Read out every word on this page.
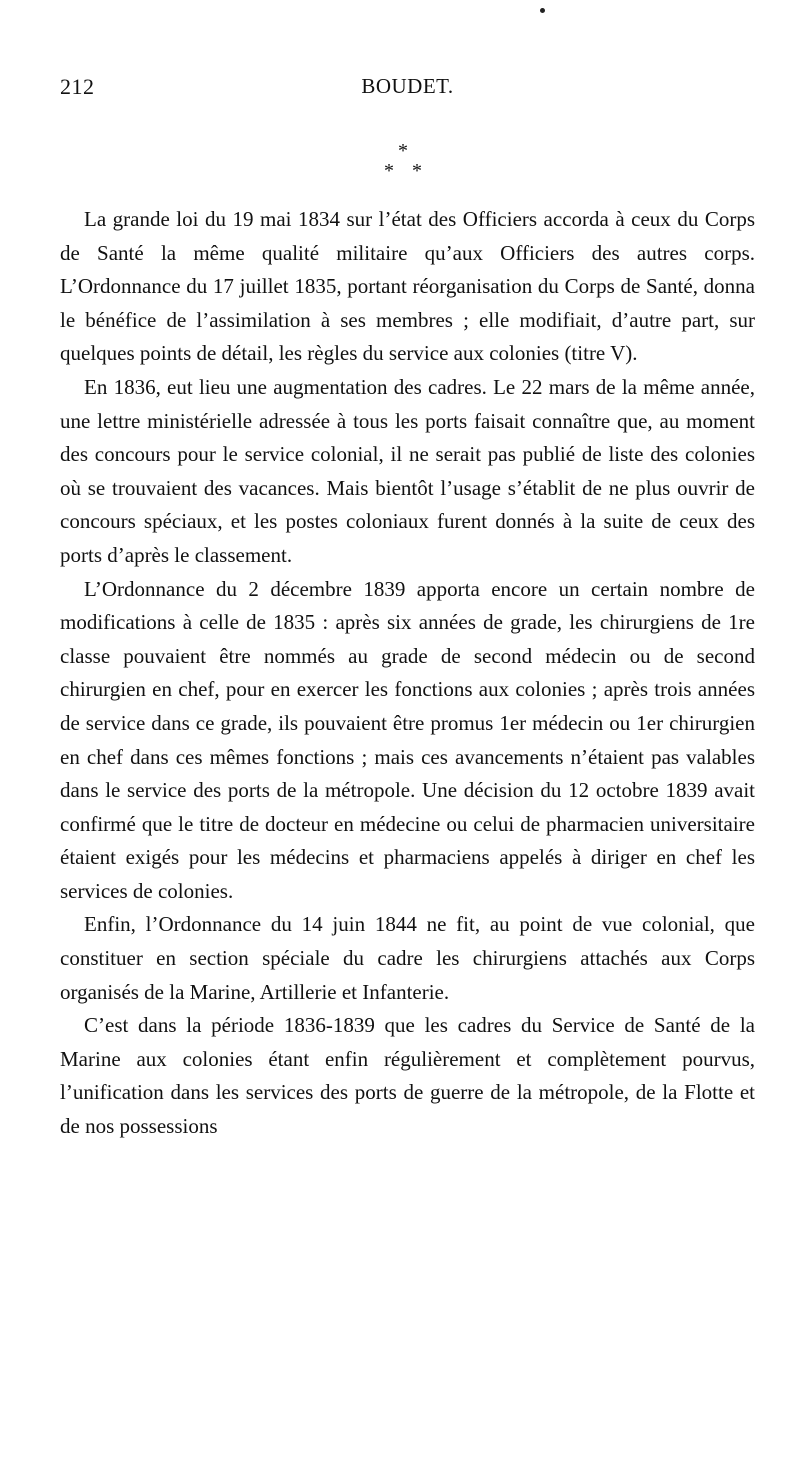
212	BOUDET.
*
* *

La grande loi du 19 mai 1834 sur l’état des Officiers accorda à ceux du Corps de Santé la même qualité militaire qu’aux Officiers des autres corps. L’Ordonnance du 17 juillet 1835, portant réorganisation du Corps de Santé, donna le bénéfice de l’assimilation à ses membres ; elle modifiait, d’autre part, sur quelques points de détail, les règles du service aux colonies (titre V).

En 1836, eut lieu une augmentation des cadres. Le 22 mars de la même année, une lettre ministérielle adressée à tous les ports faisait connaître que, au moment des concours pour le service colonial, il ne serait pas publié de liste des colonies où se trouvaient des vacances. Mais bientôt l’usage s’établit de ne plus ouvrir de concours spéciaux, et les postes coloniaux furent donnés à la suite de ceux des ports d’après le classement.

L’Ordonnance du 2 décembre 1839 apporta encore un certain nombre de modifications à celle de 1835 : après six années de grade, les chirurgiens de 1re classe pouvaient être nommés au grade de second médecin ou de second chirurgien en chef, pour en exercer les fonctions aux colonies ; après trois années de service dans ce grade, ils pouvaient être promus 1er médecin ou 1er chirurgien en chef dans ces mêmes fonctions ; mais ces avancements n’étaient pas valables dans le service des ports de la métropole. Une décision du 12 octobre 1839 avait confirmé que le titre de docteur en médecine ou celui de pharmacien universitaire étaient exigés pour les médecins et pharmaciens appelés à diriger en chef les services de colonies.

Enfin, l’Ordonnance du 14 juin 1844 ne fit, au point de vue colonial, que constituer en section spéciale du cadre les chirurgiens attachés aux Corps organisés de la Marine, Artillerie et Infanterie.

C’est dans la période 1836-1839 que les cadres du Service de Santé de la Marine aux colonies étant enfin régulièrement et complètement pourvus, l’unification dans les services des ports de guerre de la métropole, de la Flotte et de nos possessions
